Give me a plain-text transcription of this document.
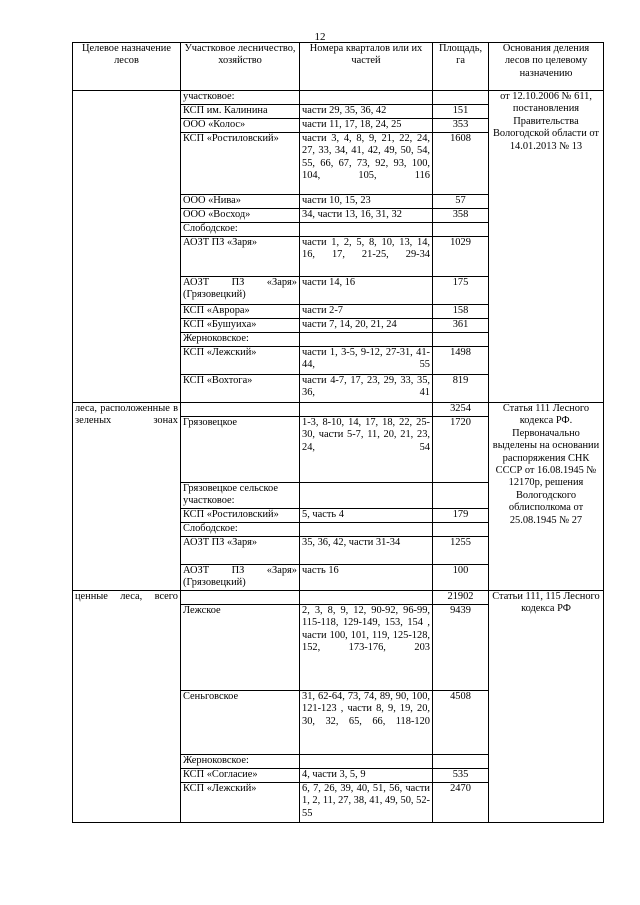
12
Целевое назначение лесов	Участковое лесничество, хозяйство	Номера кварталов или их частей	Площадь, га	Основания деления лесов по целевому назначению
	участковое:			от 12.10.2006 № 611, постановления Правительства Вологодской области от 14.01.2013 № 13
	КСП им. Калинина	части 29, 35, 36, 42	151	
	ООО «Колос»	части 11, 17, 18, 24, 25	353	
	КСП «Ростиловский»	части 3, 4, 8, 9, 21, 22, 24, 27, 33, 34, 41, 42, 49, 50, 54, 55, 66, 67, 73, 92, 93, 100, 104, 105, 116	1608	
	ООО «Нива»	части 10, 15, 23	57	
	ООО «Восход»	34, части 13, 16, 31, 32	358	
	Слободское:			
	АОЗТ ПЗ «Заря»	части 1, 2, 5, 8, 10, 13, 14, 16, 17, 21-25, 29-34	1029	
	АОЗТ ПЗ «Заря» (Грязовецкий)	части 14, 16	175	
	КСП «Аврора»	части 2-7	158	
	КСП «Бушуиха»	части 7, 14, 20, 21, 24	361	
	Жерноковское:			
	КСП «Лежский»	части 1, 3-5, 9-12, 27-31, 41-44, 55	1498	
	КСП «Вохтога»	части 4-7, 17, 23, 29, 33, 35, 36, 41	819	
леса, расположенные в зеленых зонах			3254	Статья 111 Лесного кодекса РФ. Первоначально выделены на основании распоряжения СНК СССР от 16.08.1945 № 12170р, решения Вологодского облисполкома от 25.08.1945 № 27
	Грязовецкое	1-3, 8-10, 14, 17, 18, 22, 25-30, части 5-7, 11, 20, 21, 23, 24, 54	1720	
	Грязовецкое сельское участковое:			
	КСП «Ростиловский»	5, часть 4	179	
	Слободское:			
	АОЗТ ПЗ «Заря»	35, 36, 42, части 31-34	1255	
	АОЗТ ПЗ «Заря» (Грязовецкий)	часть 16	100	
ценные леса, всего			21902	Статьи 111, 115 Лесного кодекса РФ
	Лежское	2, 3, 8, 9, 12, 90-92, 96-99, 115-118, 129-149, 153, 154 , части 100, 101, 119, 125-128, 152, 173-176, 203	9439	
	Сеньговское	31, 62-64, 73, 74, 89, 90, 100, 121-123 , части 8, 9, 19, 20, 30, 32, 65, 66, 118-120	4508	
	Жерноковское:			
	КСП «Согласие»	4, части 3, 5, 9	535	
	КСП «Лежский»	6, 7, 26, 39, 40, 51, 56, части 1, 2, 11, 27, 38, 41, 49, 50, 52-55	2470	
